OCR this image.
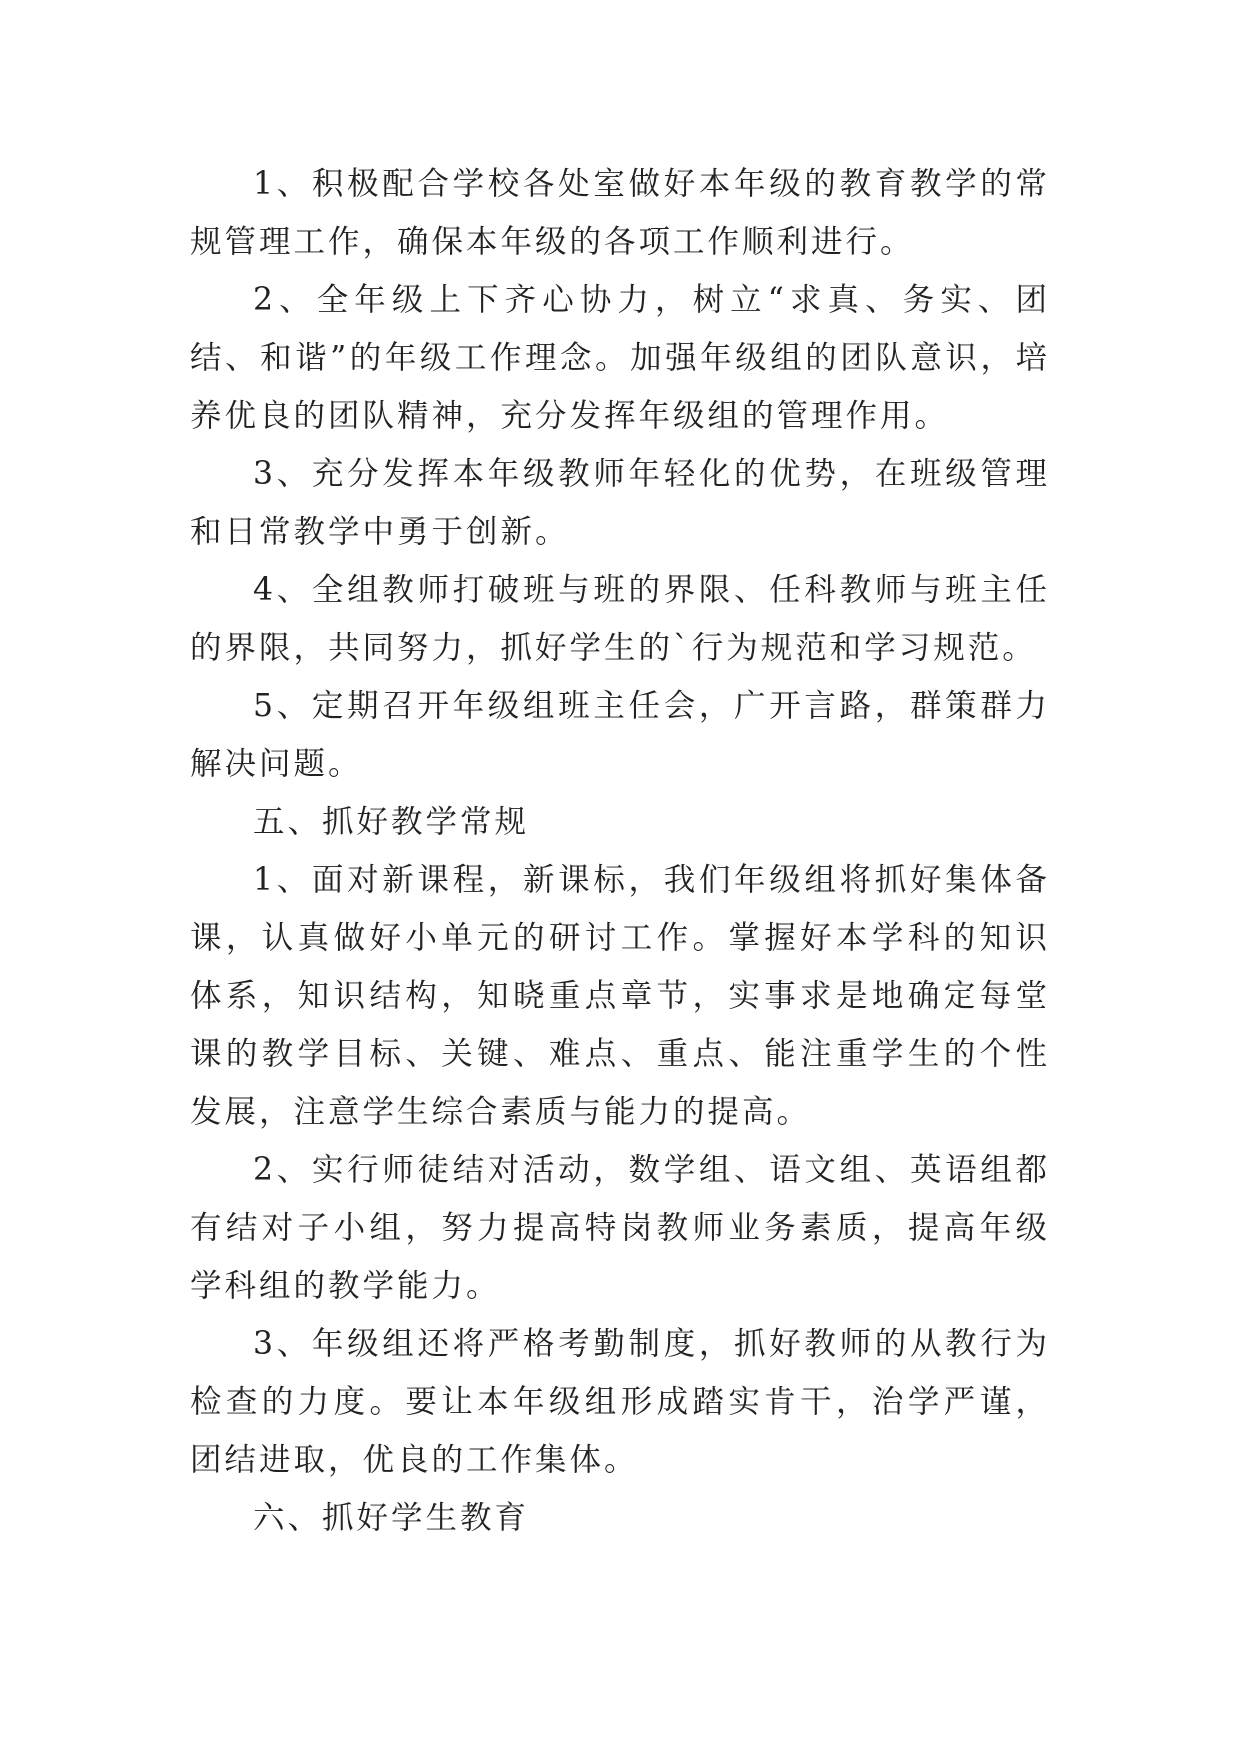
1、积极配合学校各处室做好本年级的教育教学的常规管理工作，确保本年级的各项工作顺利进行。

2、全年级上下齐心协力，树立“求真、务实、团结、和谐”的年级工作理念。加强年级组的团队意识，培养优良的团队精神，充分发挥年级组的管理作用。

3、充分发挥本年级教师年轻化的优势，在班级管理和日常教学中勇于创新。

4、全组教师打破班与班的界限、任科教师与班主任的界限，共同努力，抓好学生的`行为规范和学习规范。

5、定期召开年级组班主任会，广开言路，群策群力解决问题。

五、抓好教学常规

1、面对新课程，新课标，我们年级组将抓好集体备课，认真做好小单元的研讨工作。掌握好本学科的知识体系，知识结构，知晓重点章节，实事求是地确定每堂课的教学目标、关键、难点、重点、能注重学生的个性发展，注意学生综合素质与能力的提高。

2、实行师徒结对活动，数学组、语文组、英语组都有结对子小组，努力提高特岗教师业务素质，提高年级学科组的教学能力。

3、年级组还将严格考勤制度，抓好教师的从教行为检查的力度。要让本年级组形成踏实肯干，治学严谨，团结进取，优良的工作集体。

六、抓好学生教育
